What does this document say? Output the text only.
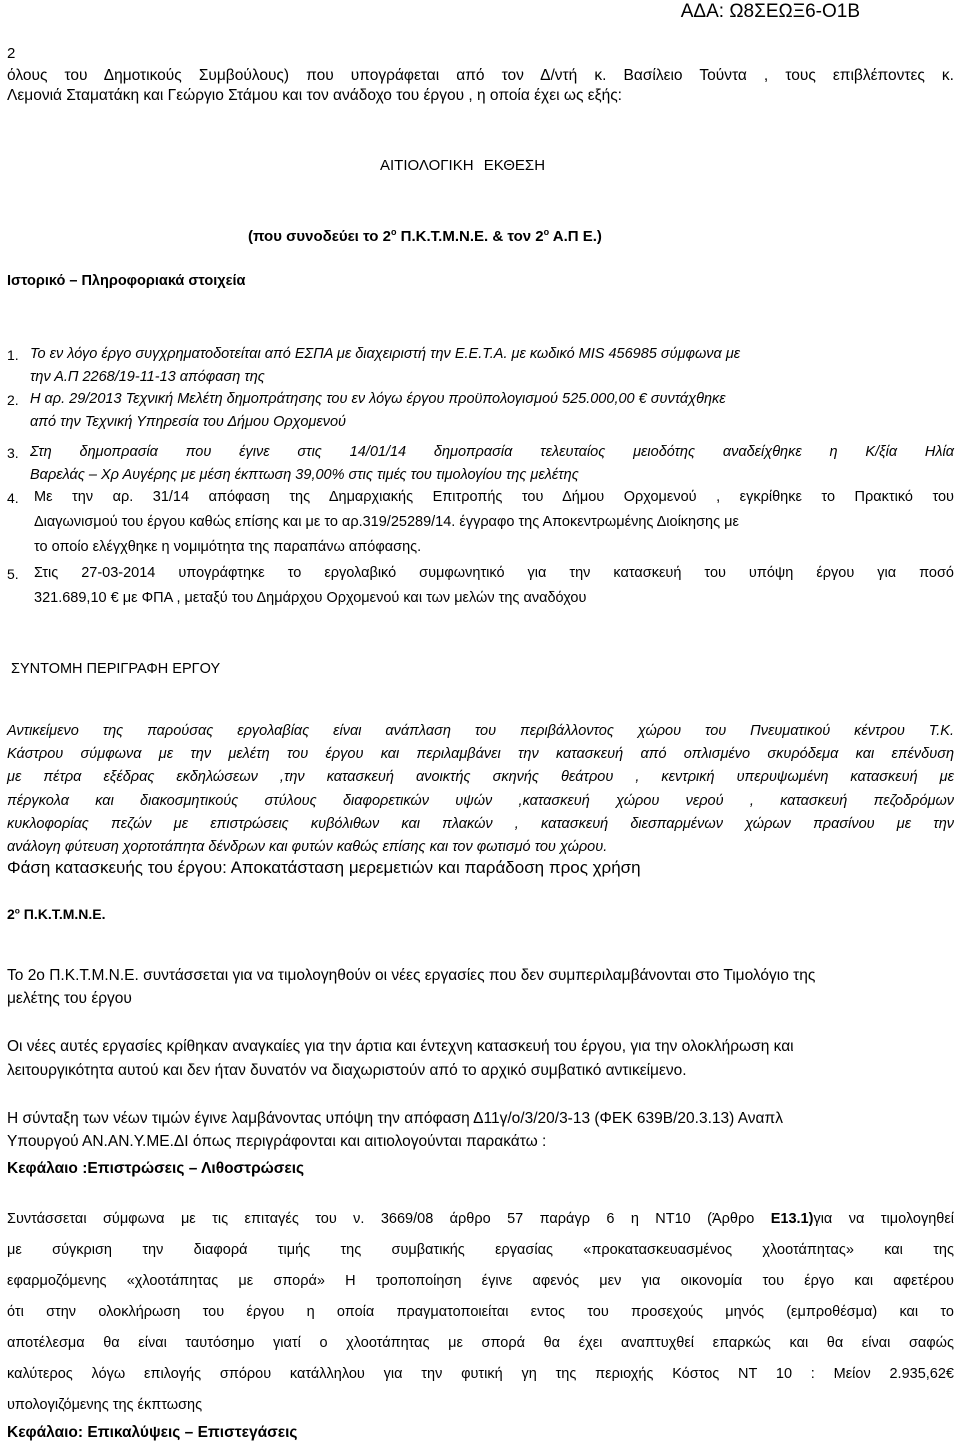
ΑΔΑ: Ω8ΣΕΩΞ6-Ο1Β
2
όλους του Δημοτικούς Συμβούλους) που υπογράφεται από τον Δ/ντή κ. Βασίλειο Τούντα , τους επιβλέποντες κ.
Λεμονιά Σταματάκη και Γεώργιο Στάμου και τον ανάδοχο του έργου , η οποία έχει ως εξής:
ΑΙΤΙΟΛΟΓΙΚΗ ΕΚΘΕΣΗ
(που συνοδεύει το $2^o$ Π.Κ.Τ.Μ.Ν.Ε. & τον $2^o$ Α.Π Ε.)
Ιστορικό – Πληροφοριακά στοιχεία
1. Το εν λόγο έργο συγχρηματοδοτείται από ΕΣΠΑ με διαχειριστή την Ε.Ε.Τ.Α. με κωδικό MIS 456985 σύμφωνα με
την Α.Π 2268/19-11-13 απόφαση της
2. Η αρ. 29/2013 Τεχνική Μελέτη δημοπράτησης του εν λόγω έργου προϋπολογισμού 525.000,00 € συντάχθηκε
από την Τεχνική Υπηρεσία του Δήμου Ορχομενού
3. Στη δημοπρασία που έγινε στις 14/01/14 δημοπρασία τελευταίος μειοδότης αναδείχθηκε η Κ/ξία Ηλία
Βαρελάς – Χρ Αυγέρης με μέση έκπτωση 39,00% στις τιμές του τιμολογίου της μελέτης
4. Με την αρ. 31/14 απόφαση της Δημαρχιακής Επιτροπής του Δήμου Ορχομενού , εγκρίθηκε το Πρακτικό του
Διαγωνισμού του έργου καθώς επίσης και με το αρ.319/25289/14. έγγραφο της Αποκεντρωμένης Διοίκησης με
το οποίο ελέγχθηκε η νομιμότητα της παραπάνω απόφασης.
5. Στις 27-03-2014 υπογράφτηκε το εργολαβικό συμφωνητικό για την κατασκευή του υπόψη έργου για ποσό
321.689,10 € με ΦΠΑ , μεταξύ του Δημάρχου Ορχομενού και των μελών της αναδόχου
ΣΥΝΤΟΜΗ ΠΕΡΙΓΡΑΦΗ ΕΡΓΟΥ
Αντικείμενο της παρούσας εργολαβίας είναι ανάπλαση του περιβάλλοντος χώρου του Πνευματικού κέντρου Τ.Κ.
Κάστρου σύμφωνα με την μελέτη του έργου και περιλαμβάνει την κατασκευή από οπλισμένο σκυρόδεμα και επένδυση
με πέτρα εξέδρας εκδηλώσεων ,την κατασκευή ανοικτής σκηνής θεάτρου , κεντρική υπερυψωμένη κατασκευή με
πέργκολα και διακοσμητικούς στύλους διαφορετικών υψών ,κατασκευή χώρου νερού , κατασκευή πεζοδρόμων
κυκλοφορίας πεζών με επιστρώσεις κυβόλιθων και πλακών , κατασκευή διεσπαρμένων χώρων πρασίνου με την
ανάλογη φύτευση χορτοτάπητα δένδρων και φυτών καθώς επίσης και τον φωτισμό του χώρου.
Φάση κατασκευής του έργου: Αποκατάσταση μερεμετιών και παράδοση προς χρήση
$2^o$ Π.Κ.Τ.Μ.Ν.Ε.
Το 2ο Π.Κ.Τ.Μ.Ν.Ε. συντάσσεται για να τιμολογηθούν οι νέες εργασίες που δεν συμπεριλαμβάνονται στο Τιμολόγιο της
μελέτης του έργου
Οι νέες αυτές εργασίες κρίθηκαν αναγκαίες για την άρτια και έντεχνη κατασκευή του έργου, για την ολοκλήρωση και
λειτουργικότητα αυτού και δεν ήταν δυνατόν να διαχωριστούν από το αρχικό συμβατικό αντικείμενο.
Η σύνταξη των νέων τιμών έγινε λαμβάνοντας υπόψη την απόφαση Δ11γ/ο/3/20/3-13 (ΦΕΚ 639Β/20.3.13) Αναπλ
Υπουργού ΑΝ.ΑΝ.Υ.ΜΕ.ΔΙ όπως περιγράφονται και αιτιολογούνται παρακάτω :
Κεφάλαιο :Επιστρώσεις – Λιθοστρώσεις
Συντάσσεται σύμφωνα με τις επιταγές του ν. 3669/08 άρθρο 57 παράγρ 6 η ΝΤ10 (Άρθρο Ε13.1)για να τιμολογηθεί
με σύγκριση την διαφορά τιμής της συμβατικής εργασίας «προκατασκευασμένος χλοοτάπητας» και της
εφαρμοζόμενης «χλοοτάπητας με σπορά» Η τροποποίηση έγινε αφενός μεν για οικονομία του έργο και αφετέρου
ότι στην ολοκλήρωση του έργου η οποία πραγματοποιείται εντος του προσεχούς μηνός (εμπροθέσμα) και το
αποτέλεσμα θα είναι ταυτόσημο γιατί ο χλοοτάπητας με σπορά θα έχει αναπτυχθεί επαρκώς και θα είναι σαφώς
καλύτερος λόγω επιλογής σπόρου κατάλληλου για την φυτική γη της περιοχής Κόστος ΝΤ 10 : Μείον 2.935,62€
υπολογιζόμενης της έκπτωσης
Κεφάλαιο: Επικαλύψεις – Επιστεγάσεις
